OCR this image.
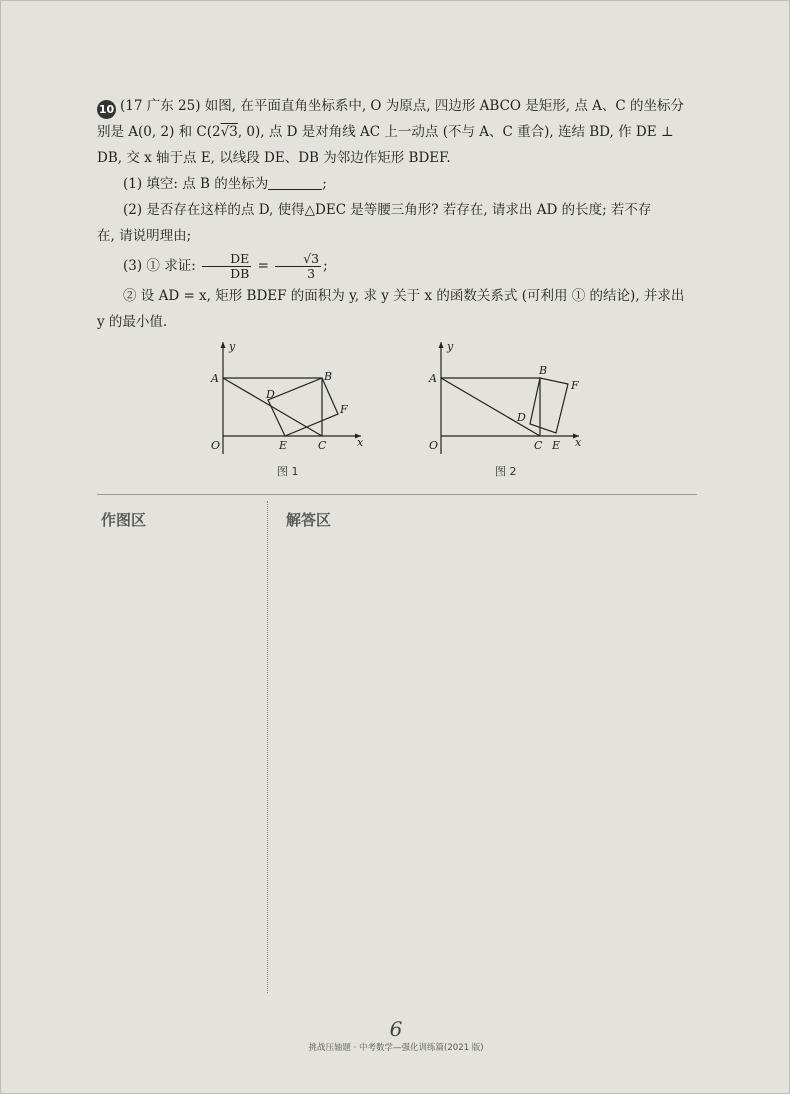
10 (17 广东 25) 如图, 在平面直角坐标系中, O 为原点, 四边形 ABCO 是矩形, 点 A、C 的坐标分

别是 A(0, 2) 和 C(2√3, 0), 点 D 是对角线 AC 上一动点 (不与 A、C 重合), 连结 BD, 作 DE ⊥

DB, 交 x 轴于点 E, 以线段 DE、DB 为邻边作矩形 BDEF.

(1) 填空: 点 B 的坐标为	;

(2) 是否存在这样的点 D, 使得△DEC 是等腰三角形? 若存在, 请求出 AD 的长度; 若不存

在, 请说明理由;

(3) ① 求证: $\frac{DE}{DB} = \frac{√3}{3}$ ;

② 设 AD = x, 矩形 BDEF 的面积为 y, 求 y 关于 x 的函数关系式 (可利用 ① 的结论), 并求出

y 的最小值.

A	B
C
D
E
F
O
y
x
图 1
A
B
C
D
E
F
O
y
x
图 2
作图区	解答区
6
挑战压轴题 · 中考数学—强化训练篇(2021 版)
